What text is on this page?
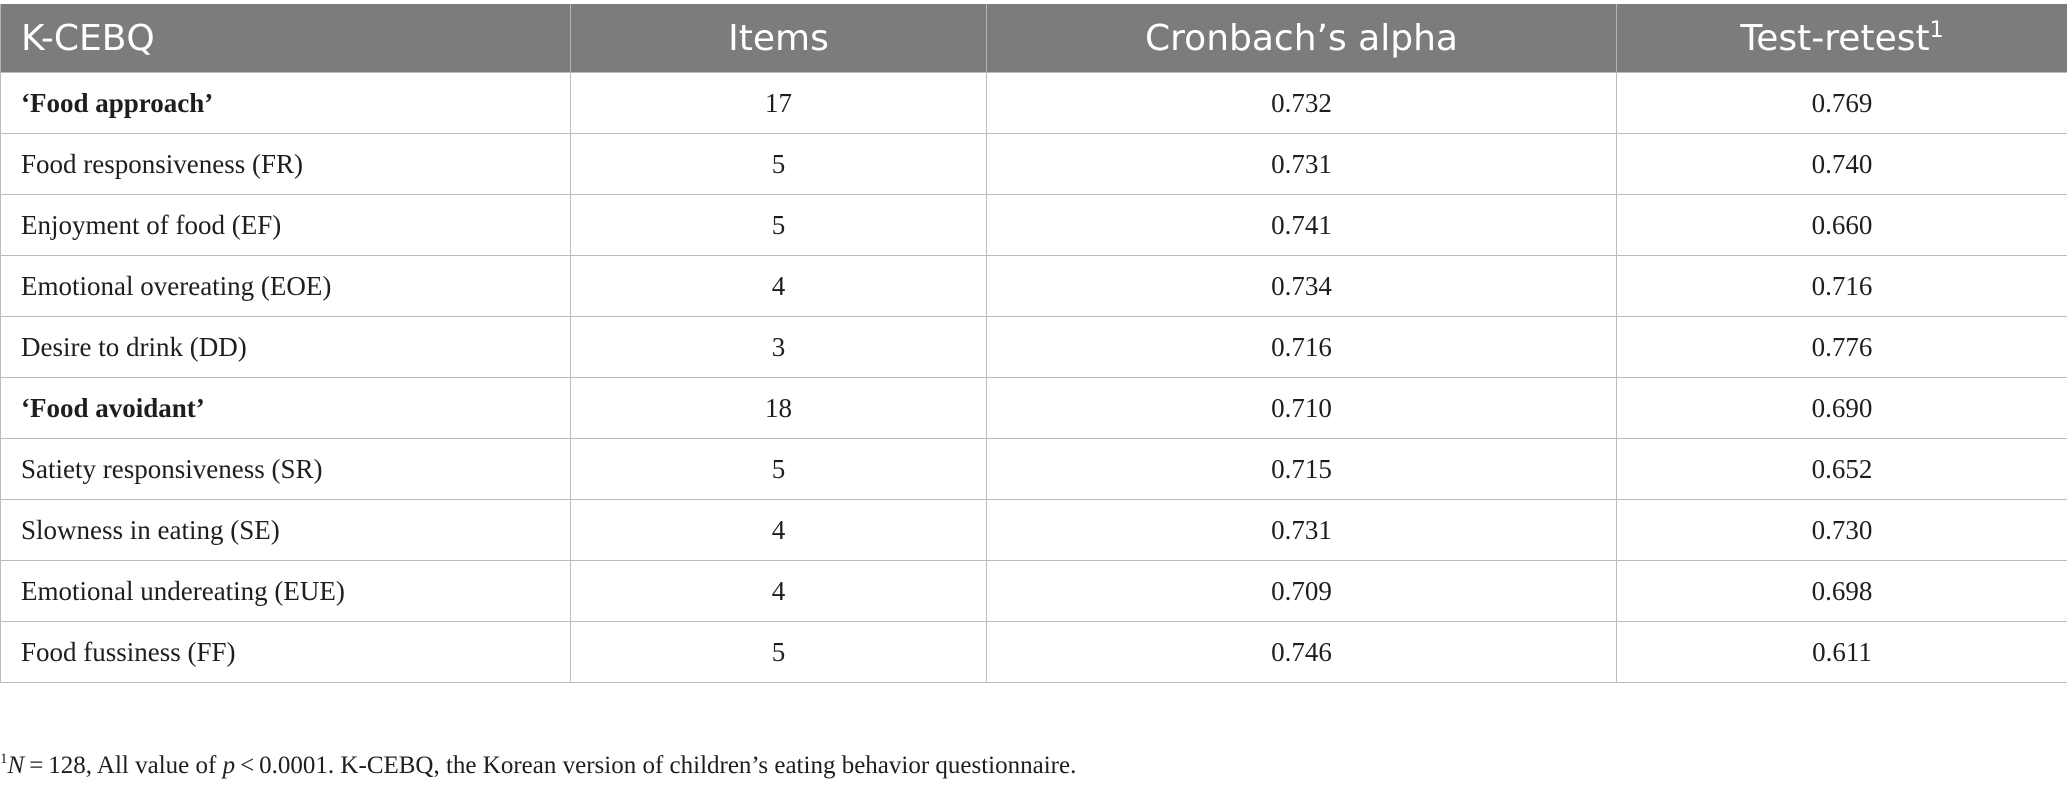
K-CEBQ	Items	Cronbach’s alpha	Test-retest$^1$
‘Food approach’	17	0.732	0.769
Food responsiveness (FR)	5	0.731	0.740
Enjoyment of food (EF)	5	0.741	0.660
Emotional overeating (EOE)	4	0.734	0.716
Desire to drink (DD)	3	0.716	0.776
‘Food avoidant’	18	0.710	0.690
Satiety responsiveness (SR)	5	0.715	0.652
Slowness in eating (SE)	4	0.731	0.730
Emotional undereating (EUE)	4	0.709	0.698
Food fussiness (FF)	5	0.746	0.611
$^1$N = 128, All value of p < 0.0001. K-CEBQ, the Korean version of children’s eating behavior questionnaire.
